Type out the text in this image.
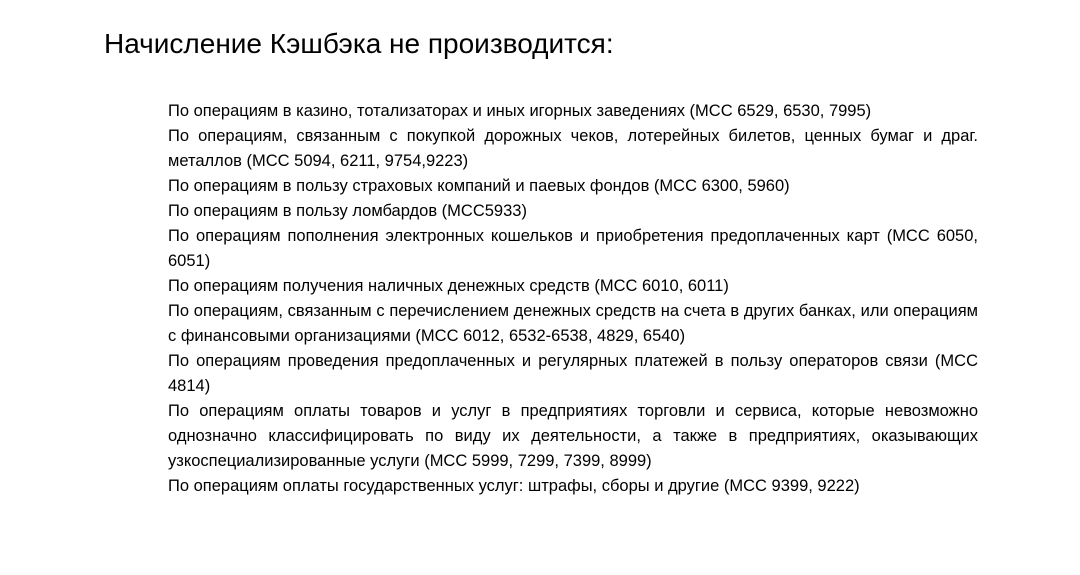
Начисление Кэшбэка не производится:
По операциям в казино, тотализаторах и иных игорных заведениях (MCC 6529, 6530, 7995)
По операциям, связанным с покупкой дорожных чеков, лотерейных билетов, ценных бумаг и драг. металлов (MCC 5094, 6211, 9754,9223)
По операциям в пользу страховых компаний и паевых фондов (MCC 6300, 5960)
По операциям в пользу ломбардов (MCC5933)
По операциям пополнения электронных кошельков и приобретения предоплаченных карт (MCC 6050, 6051)
По операциям получения наличных денежных средств (MCC 6010, 6011)
По операциям, связанным с перечислением денежных средств на счета в других банках, или операциям с финансовыми организациями (MCC 6012, 6532-6538, 4829, 6540)
По операциям проведения предоплаченных и регулярных платежей в пользу операторов связи (MCC 4814)
По операциям оплаты товаров и услуг в предприятиях торговли и сервиса, которые невозможно однозначно классифицировать по виду их деятельности, а также в предприятиях, оказывающих узкоспециализированные услуги (MCC 5999, 7299, 7399, 8999)
По операциям оплаты государственных услуг: штрафы, сборы и другие (MCC 9399, 9222)
